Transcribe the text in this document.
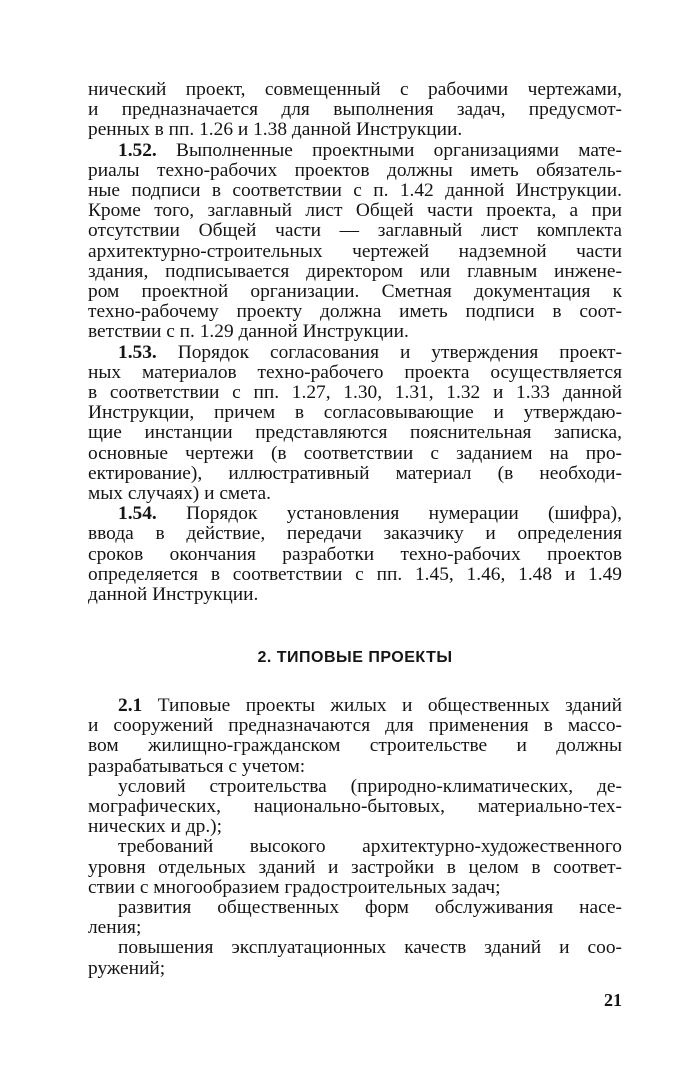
нический проект, совмещенный с рабочими чертежами,
и предназначается для выполнения задач, предусмот-
ренных в пп. 1.26 и 1.38 данной Инструкции.
1.52. Выполненные проектными организациями мате-
риалы техно-рабочих проектов должны иметь обязатель-
ные подписи в соответствии с п. 1.42 данной Инструкции.
Кроме того, заглавный лист Общей части проекта, а при
отсутствии Общей части — заглавный лист комплекта
архитектурно-строительных чертежей надземной части
здания, подписывается директором или главным инжене-
ром проектной организации. Сметная документация к
техно-рабочему проекту должна иметь подписи в соот-
ветствии с п. 1.29 данной Инструкции.
1.53. Порядок согласования и утверждения проект-
ных материалов техно-рабочего проекта осуществляется
в соответствии с пп. 1.27, 1.30, 1.31, 1.32 и 1.33 данной
Инструкции, причем в согласовывающие и утверждаю-
щие инстанции представляются пояснительная записка,
основные чертежи (в соответствии с заданием на про-
ектирование), иллюстративный материал (в необходи-
мых случаях) и смета.
1.54. Порядок установления нумерации (шифра),
ввода в действие, передачи заказчику и определения
сроков окончания разработки техно-рабочих проектов
определяется в соответствии с пп. 1.45, 1.46, 1.48 и 1.49
данной Инструкции.
2. ТИПОВЫЕ ПРОЕКТЫ
2.1 Типовые проекты жилых и общественных зданий
и сооружений предназначаются для применения в массо-
вом жилищно-гражданском строительстве и должны
разрабатываться с учетом:
условий строительства (природно-климатических, де-
мографических, национально-бытовых, материально-тех-
нических и др.);
требований высокого архитектурно-художественного
уровня отдельных зданий и застройки в целом в соответ-
ствии с многообразием градостроительных задач;
развития общественных форм обслуживания насе-
ления;
повышения эксплуатационных качеств зданий и соо-
ружений;
21
